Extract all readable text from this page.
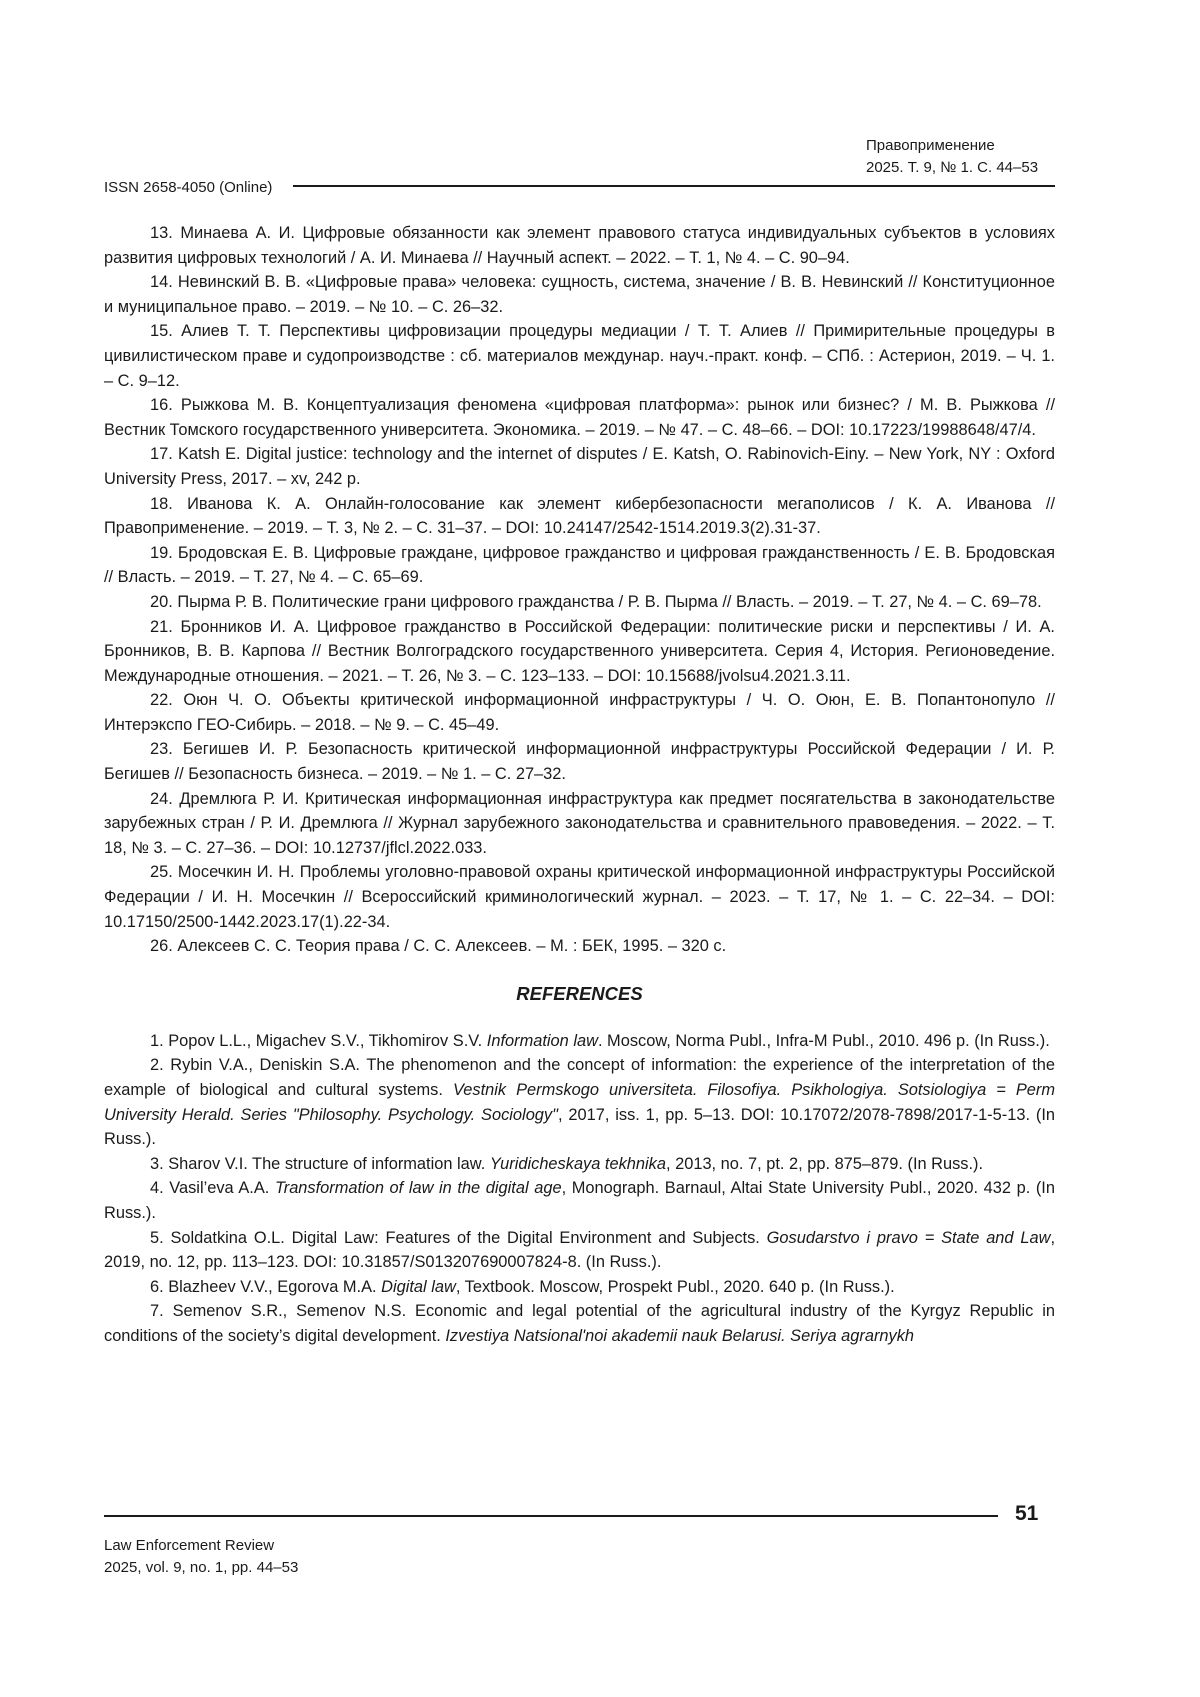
Правоприменение
2025. Т. 9, № 1. С. 44–53
ISSN 2658-4050 (Online)

13. Минаева А. И. Цифровые обязанности как элемент правового статуса индивидуальных субъектов в условиях развития цифровых технологий / А. И. Минаева // Научный аспект. – 2022. – Т. 1, № 4. – С. 90–94.

14. Невинский В. В. «Цифровые права» человека: сущность, система, значение / В. В. Невинский // Конституционное и муниципальное право. – 2019. – № 10. – С. 26–32.

15. Алиев Т. Т. Перспективы цифровизации процедуры медиации / Т. Т. Алиев // Примирительные процедуры в цивилистическом праве и судопроизводстве : сб. материалов междунар. науч.-практ. конф. – СПб. : Астерион, 2019. – Ч. 1. – С. 9–12.

16. Рыжкова М. В. Концептуализация феномена «цифровая платформа»: рынок или бизнес? / М. В. Рыжкова // Вестник Томского государственного университета. Экономика. – 2019. – № 47. – С. 48–66. – DOI: 10.17223/19988648/47/4.

17. Katsh E. Digital justice: technology and the internet of disputes / E. Katsh, O. Rabinovich-Einy. – New York, NY : Oxford University Press, 2017. – xv, 242 p.

18. Иванова К. А. Онлайн-голосование как элемент кибербезопасности мегаполисов / К. А. Иванова // Правоприменение. – 2019. – Т. 3, № 2. – С. 31–37. – DOI: 10.24147/2542-1514.2019.3(2).31-37.

19. Бродовская Е. В. Цифровые граждане, цифровое гражданство и цифровая гражданственность / Е. В. Бродовская // Власть. – 2019. – Т. 27, № 4. – С. 65–69.

20. Пырма Р. В. Политические грани цифрового гражданства / Р. В. Пырма // Власть. – 2019. – Т. 27, № 4. – С. 69–78.

21. Бронников И. А. Цифровое гражданство в Российской Федерации: политические риски и перспективы / И. А. Бронников, В. В. Карпова // Вестник Волгоградского государственного университета. Серия 4, История. Регионоведение. Международные отношения. – 2021. – Т. 26, № 3. – С. 123–133. – DOI: 10.15688/jvolsu4.2021.3.11.

22. Оюн Ч. О. Объекты критической информационной инфраструктуры / Ч. О. Оюн, Е. В. Попантонопуло // Интерэкспо ГЕО-Сибирь. – 2018. – № 9. – С. 45–49.

23. Бегишев И. Р. Безопасность критической информационной инфраструктуры Российской Федерации / И. Р. Бегишев // Безопасность бизнеса. – 2019. – № 1. – С. 27–32.

24. Дремлюга Р. И. Критическая информационная инфраструктура как предмет посягательства в законодательстве зарубежных стран / Р. И. Дремлюга // Журнал зарубежного законодательства и сравнительного правоведения. – 2022. – Т. 18, № 3. – С. 27–36. – DOI: 10.12737/jflcl.2022.033.

25. Мосечкин И. Н. Проблемы уголовно-правовой охраны критической информационной инфраструктуры Российской Федерации / И. Н. Мосечкин // Всероссийский криминологический журнал. – 2023. – Т. 17, № 1. – С. 22–34. – DOI: 10.17150/2500-1442.2023.17(1).22-34.

26. Алексеев С. С. Теория права / С. С. Алексеев. – М. : БЕК, 1995. – 320 с.

REFERENCES

1. Popov L.L., Migachev S.V., Tikhomirov S.V. Information law. Moscow, Norma Publ., Infra-M Publ., 2010. 496 p. (In Russ.).

2. Rybin V.A., Deniskin S.A. The phenomenon and the concept of information: the experience of the interpretation of the example of biological and cultural systems. Vestnik Permskogo universiteta. Filosofiya. Psikhologiya. Sotsiologiya = Perm University Herald. Series "Philosophy. Psychology. Sociology", 2017, iss. 1, pp. 5–13. DOI: 10.17072/2078-7898/2017-1-5-13. (In Russ.).

3. Sharov V.I. The structure of information law. Yuridicheskaya tekhnika, 2013, no. 7, pt. 2, pp. 875–879. (In Russ.).

4. Vasil’eva A.A. Transformation of law in the digital age, Monograph. Barnaul, Altai State University Publ., 2020. 432 p. (In Russ.).

5. Soldatkina O.L. Digital Law: Features of the Digital Environment and Subjects. Gosudarstvo i pravo = State and Law, 2019, no. 12, pp. 113–123. DOI: 10.31857/S013207690007824-8. (In Russ.).

6. Blazheev V.V., Egorova M.A. Digital law, Textbook. Moscow, Prospekt Publ., 2020. 640 p. (In Russ.).

7. Semenov S.R., Semenov N.S. Economic and legal potential of the agricultural industry of the Kyrgyz Republic in conditions of the society’s digital development. Izvestiya Natsional'noi akademii nauk Belarusi. Seriya agrarnykh

51
Law Enforcement Review
2025, vol. 9, no. 1, pp. 44–53
